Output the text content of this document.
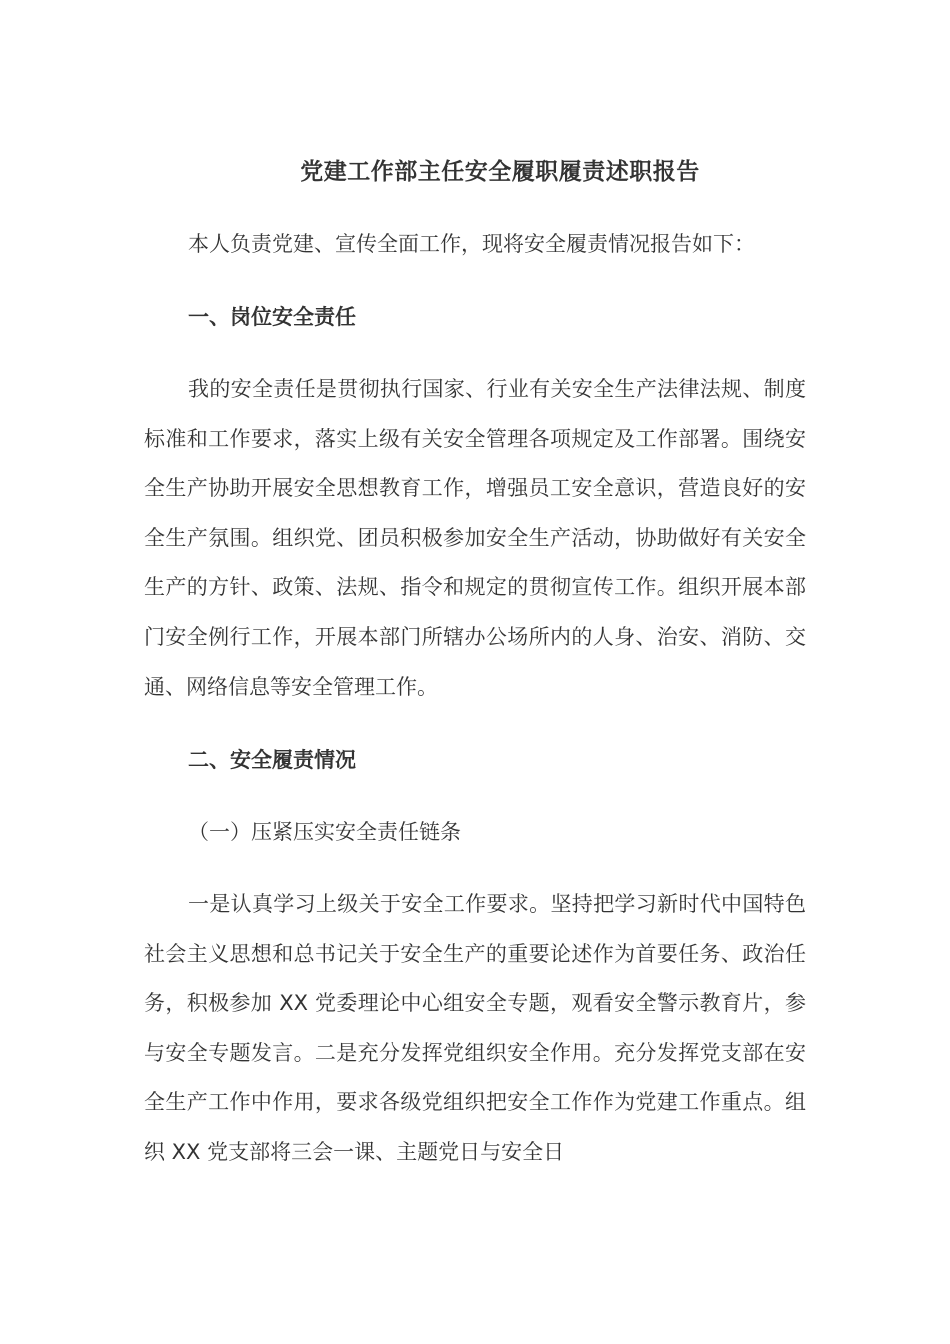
党建工作部主任安全履职履责述职报告

本人负责党建、宣传全面工作，现将安全履责情况报告如下：

一、岗位安全责任

我的安全责任是贯彻执行国家、行业有关安全生产法律法规、制度标准和工作要求，落实上级有关安全管理各项规定及工作部署。围绕安全生产协助开展安全思想教育工作，增强员工安全意识，营造良好的安全生产氛围。组织党、团员积极参加安全生产活动，协助做好有关安全生产的方针、政策、法规、指令和规定的贯彻宣传工作。组织开展本部门安全例行工作，开展本部门所辖办公场所内的人身、治安、消防、交通、网络信息等安全管理工作。

二、安全履责情况

（一）压紧压实安全责任链条

一是认真学习上级关于安全工作要求。坚持把学习新时代中国特色社会主义思想和总书记关于安全生产的重要论述作为首要任务、政治任务，积极参加 XX 党委理论中心组安全专题，观看安全警示教育片，参与安全专题发言。二是充分发挥党组织安全作用。充分发挥党支部在安全生产工作中作用，要求各级党组织把安全工作作为党建工作重点。组织 XX 党支部将三会一课、主题党日与安全日
